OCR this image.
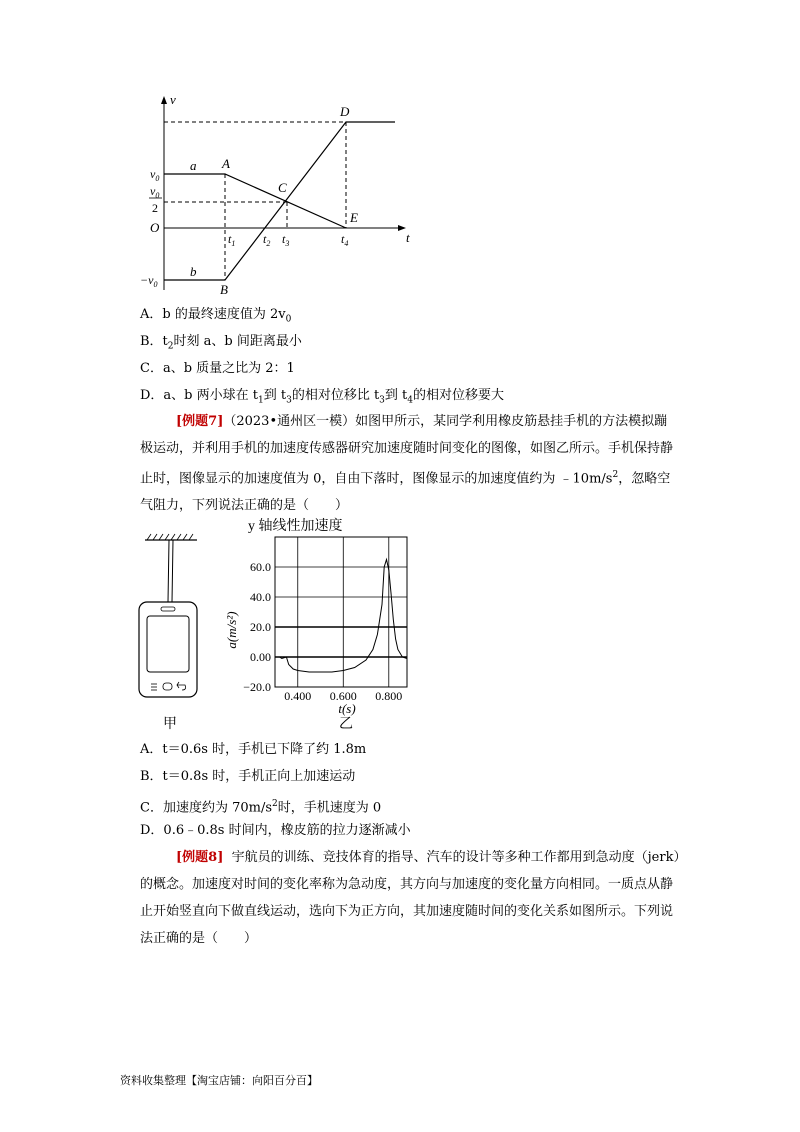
v
t
O
$v_0$
$v_0$
2
$-v_0$
a
b
A
B
C
D
E
$t_1$ $t_2$ $t_3$	$t_4$
A．b 的最终速度值为 $2v_0$
B．$t_2$时刻 a、b 间距离最小
C．a、b 质量之比为 2：1
D．a、b 两小球在 $t_1$到 $t_3$的相对位移比 $t_3$到 $t_4$的相对位移要大
[例题7]（2023•通州区一模）如图甲所示，某同学利用橡皮筋悬挂手机的方法模拟蹦极运动，并利用手机的加速度传感器研究加速度随时间变化的图像，如图乙所示。手机保持静止时，图像显示的加速度值为 0，自由下落时，图像显示的加速度值约为 $﹣10m/s^2$，忽略空气阻力，下列说法正确的是（　　）
甲
y 轴线性加速度
60.0
40.0
20.0
0.00
−20.0
0.400 0.600 0.800
a(m/s²)
t(s)
乙
A．t＝0.6s 时，手机已下降了约 1.8m
B．t＝0.8s 时，手机正向上加速运动
C．加速度约为 $70m/s^2$时，手机速度为 0
D．0.6﹣0.8s 时间内，橡皮筋的拉力逐渐减小
[例题8] 宇航员的训练、竞技体育的指导、汽车的设计等多种工作都用到急动度（jerk）的概念。加速度对时间的变化率称为急动度，其方向与加速度的变化量方向相同。一质点从静止开始竖直向下做直线运动，选向下为正方向，其加速度随时间的变化关系如图所示。下列说法正确的是（　　）
资料收集整理【淘宝店铺：向阳百分百】
